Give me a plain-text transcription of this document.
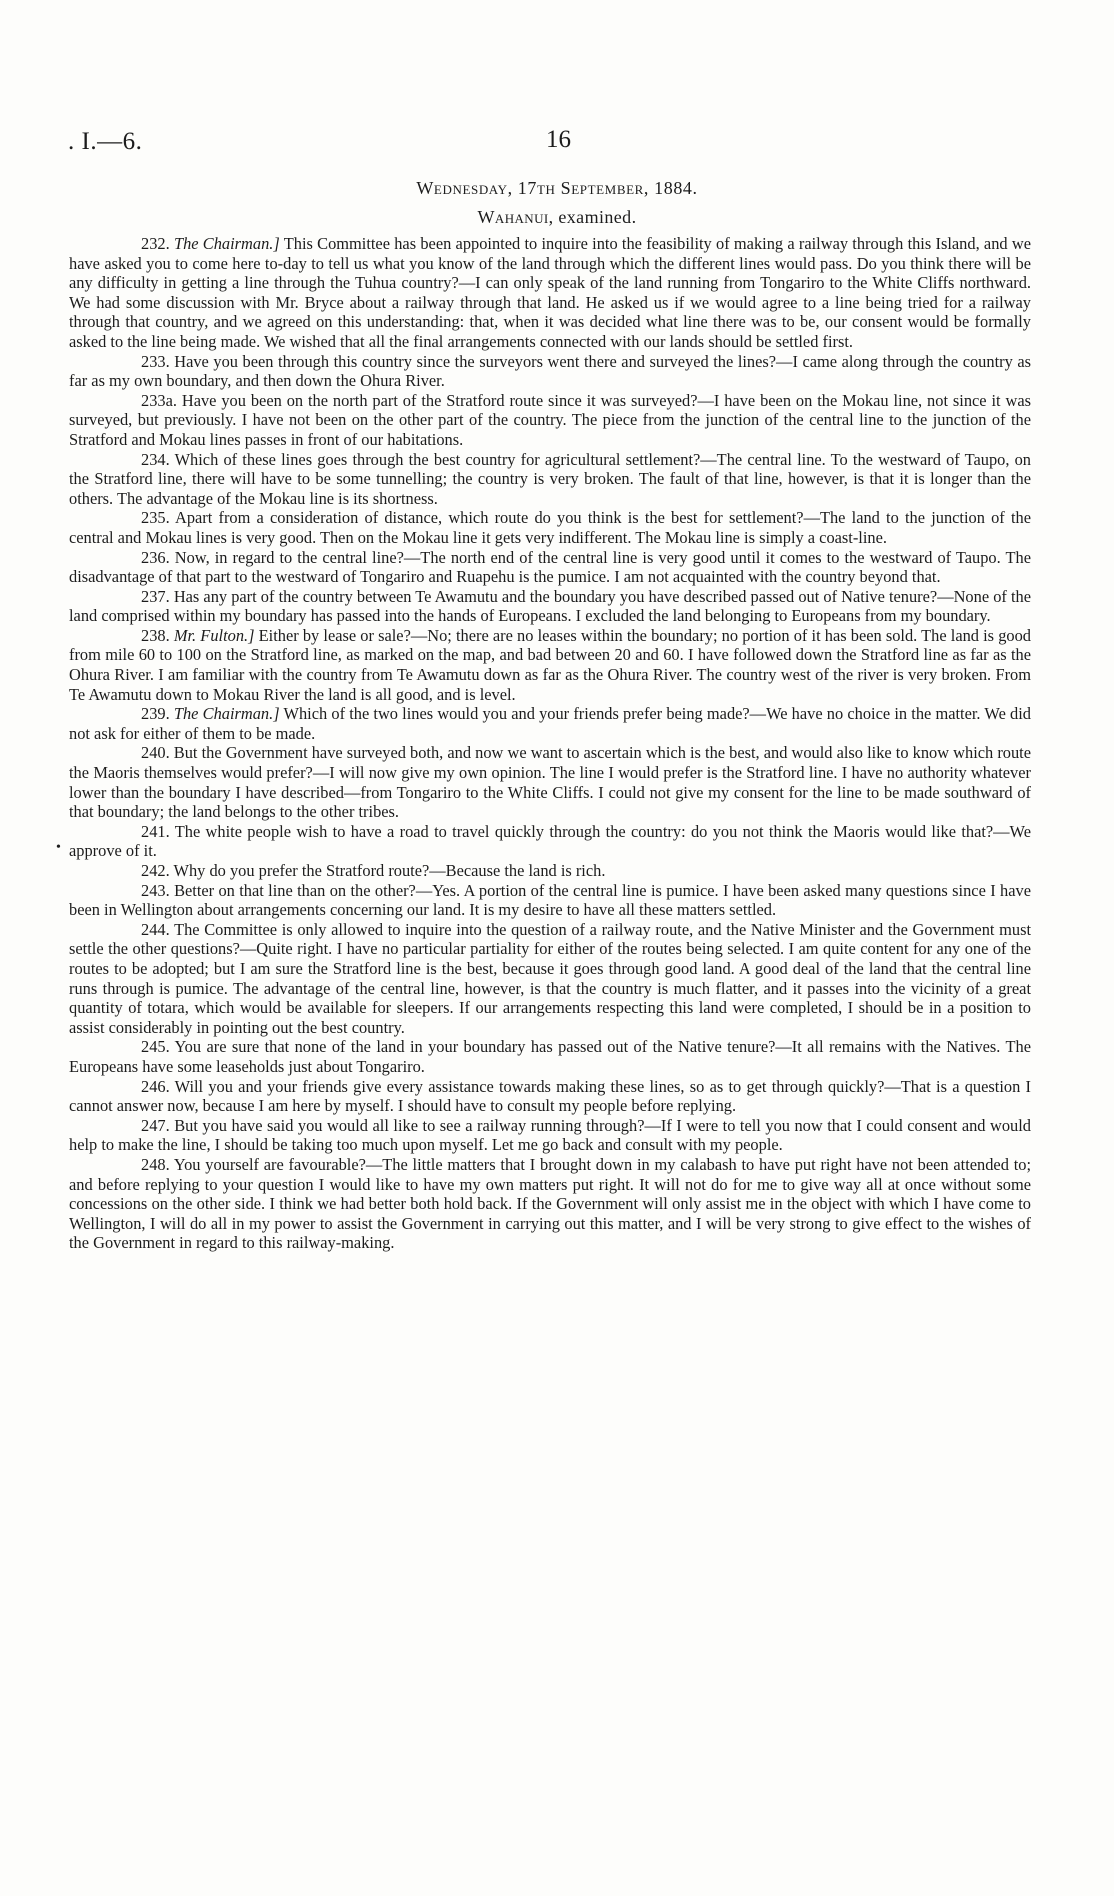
. I.—6.	16
Wednesday, 17th September, 1884.
Wahanui, examined.
•

232. The Chairman.] This Committee has been appointed to inquire into the feasibility of making a railway through this Island, and we have asked you to come here to-day to tell us what you know of the land through which the different lines would pass. Do you think there will be any difficulty in getting a line through the Tuhua country?—I can only speak of the land running from Tongariro to the White Cliffs northward. We had some discussion with Mr. Bryce about a railway through that land. He asked us if we would agree to a line being tried for a railway through that country, and we agreed on this understanding: that, when it was decided what line there was to be, our consent would be formally asked to the line being made. We wished that all the final arrangements connected with our lands should be settled first.

233. Have you been through this country since the surveyors went there and surveyed the lines?—I came along through the country as far as my own boundary, and then down the Ohura River.

233a. Have you been on the north part of the Stratford route since it was surveyed?—I have been on the Mokau line, not since it was surveyed, but previously. I have not been on the other part of the country. The piece from the junction of the central line to the junction of the Stratford and Mokau lines passes in front of our habitations.

234. Which of these lines goes through the best country for agricultural settlement?—The central line. To the westward of Taupo, on the Stratford line, there will have to be some tunnelling; the country is very broken. The fault of that line, however, is that it is longer than the others. The advantage of the Mokau line is its shortness.

235. Apart from a consideration of distance, which route do you think is the best for settlement?—The land to the junction of the central and Mokau lines is very good. Then on the Mokau line it gets very indifferent. The Mokau line is simply a coast-line.

236. Now, in regard to the central line?—The north end of the central line is very good until it comes to the westward of Taupo. The disadvantage of that part to the westward of Tongariro and Ruapehu is the pumice. I am not acquainted with the country beyond that.

237. Has any part of the country between Te Awamutu and the boundary you have described passed out of Native tenure?—None of the land comprised within my boundary has passed into the hands of Europeans. I excluded the land belonging to Europeans from my boundary.

238. Mr. Fulton.] Either by lease or sale?—No; there are no leases within the boundary; no portion of it has been sold. The land is good from mile 60 to 100 on the Stratford line, as marked on the map, and bad between 20 and 60. I have followed down the Stratford line as far as the Ohura River. I am familiar with the country from Te Awamutu down as far as the Ohura River. The country west of the river is very broken. From Te Awamutu down to Mokau River the land is all good, and is level.

239. The Chairman.] Which of the two lines would you and your friends prefer being made?—We have no choice in the matter. We did not ask for either of them to be made.

240. But the Government have surveyed both, and now we want to ascertain which is the best, and would also like to know which route the Maoris themselves would prefer?—I will now give my own opinion. The line I would prefer is the Stratford line. I have no authority whatever lower than the boundary I have described—from Tongariro to the White Cliffs. I could not give my consent for the line to be made southward of that boundary; the land belongs to the other tribes.

241. The white people wish to have a road to travel quickly through the country: do you not think the Maoris would like that?—We approve of it.

242. Why do you prefer the Stratford route?—Because the land is rich.

243. Better on that line than on the other?—Yes. A portion of the central line is pumice. I have been asked many questions since I have been in Wellington about arrangements concerning our land. It is my desire to have all these matters settled.

244. The Committee is only allowed to inquire into the question of a railway route, and the Native Minister and the Government must settle the other questions?—Quite right. I have no particular partiality for either of the routes being selected. I am quite content for any one of the routes to be adopted; but I am sure the Stratford line is the best, because it goes through good land. A good deal of the land that the central line runs through is pumice. The advantage of the central line, however, is that the country is much flatter, and it passes into the vicinity of a great quantity of totara, which would be available for sleepers. If our arrangements respecting this land were completed, I should be in a position to assist considerably in pointing out the best country.

245. You are sure that none of the land in your boundary has passed out of the Native tenure?—It all remains with the Natives. The Europeans have some leaseholds just about Tongariro.

246. Will you and your friends give every assistance towards making these lines, so as to get through quickly?—That is a question I cannot answer now, because I am here by myself. I should have to consult my people before replying.

247. But you have said you would all like to see a railway running through?—If I were to tell you now that I could consent and would help to make the line, I should be taking too much upon myself. Let me go back and consult with my people.

248. You yourself are favourable?—The little matters that I brought down in my calabash to have put right have not been attended to; and before replying to your question I would like to have my own matters put right. It will not do for me to give way all at once without some concessions on the other side. I think we had better both hold back. If the Government will only assist me in the object with which I have come to Wellington, I will do all in my power to assist the Government in carrying out this matter, and I will be very strong to give effect to the wishes of the Government in regard to this railway-making.
